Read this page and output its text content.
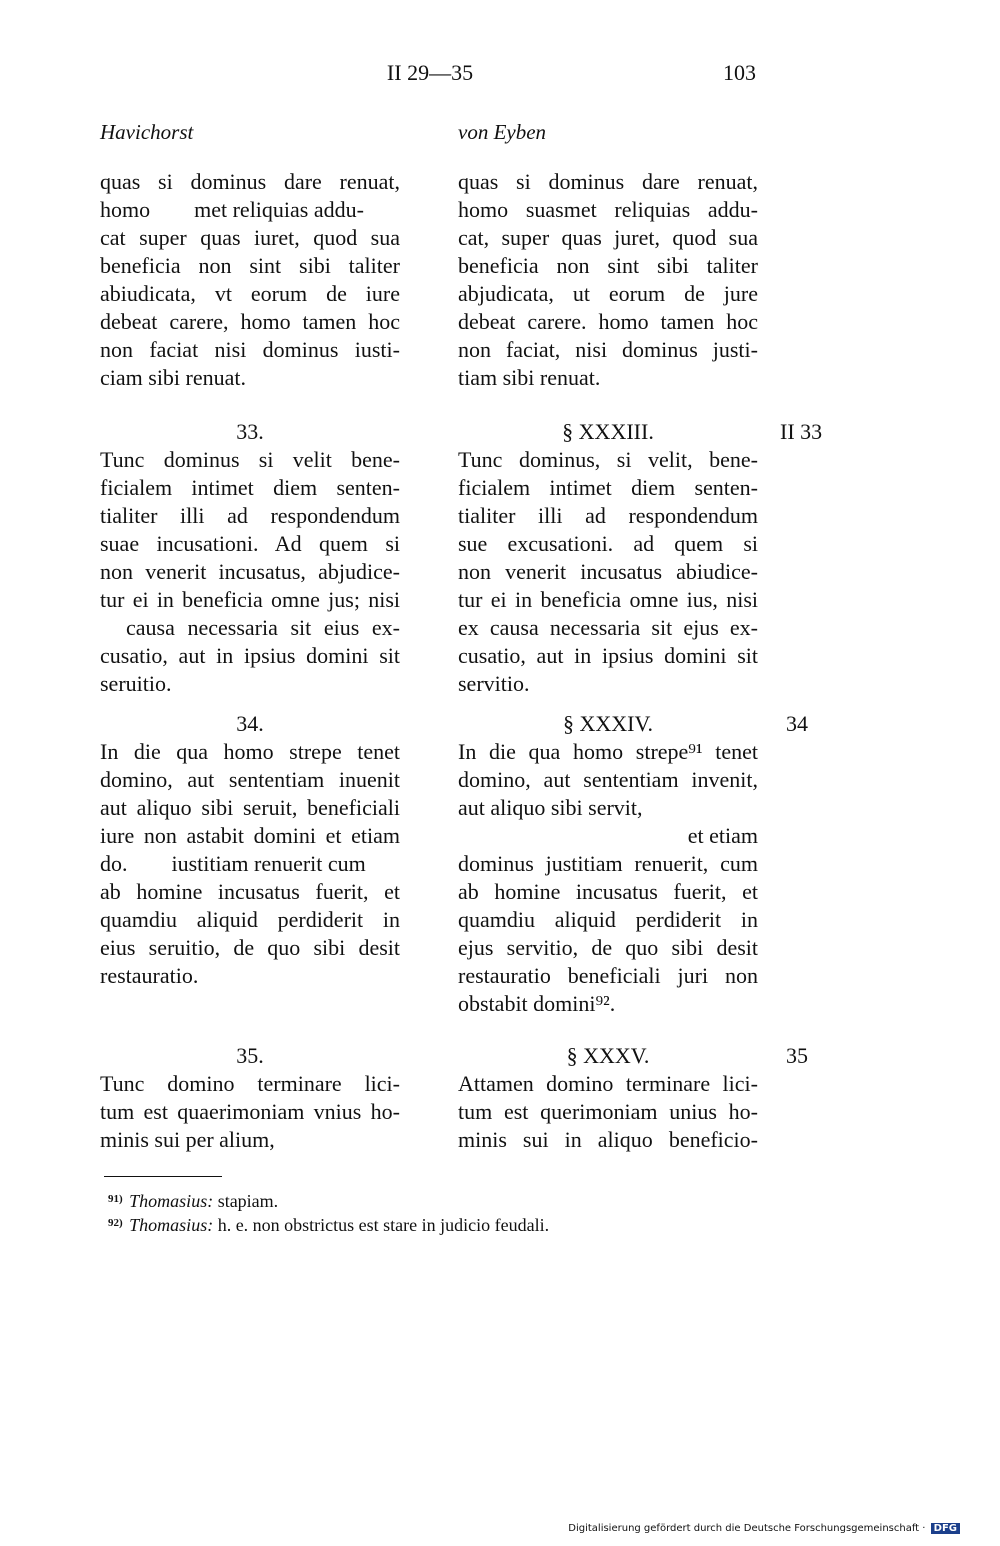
II 29—35	103
Havichorst	von Eyben
quas si dominus dare renuat,
homo        met reliquias addu-
cat super quas iuret, quod sua
beneficia non sint sibi taliter
abiudicata, vt eorum de iure
debeat carere, homo tamen hoc
non faciat nisi dominus iusti-
ciam sibi renuat.
33.
Tunc dominus si velit bene-
ficialem intimet diem senten-
tialiter illi ad respondendum
suae incusationi. Ad quem si
non venerit incusatus, abjudice-
tur ei in beneficia omne jus; nisi
causa necessaria sit eius ex-
cusatio, aut in ipsius domini sit
seruitio.
34.
In die qua homo strepe tenet
domino, aut sententiam inuenit
aut aliquo sibi seruit, beneficiali
iure non astabit domini et etiam
do.        iustitiam renuerit cum
ab homine incusatus fuerit, et
quamdiu aliquid perdiderit in
eius seruitio, de quo sibi desit
restauratio.
35.
Tunc domino terminare lici-
tum est quaerimoniam vnius ho-
minis sui per alium,
quas si dominus dare renuat,
homo suasmet reliquias addu-
cat, super quas juret, quod sua
beneficia non sint sibi taliter
abjudicata, ut eorum de jure
debeat carere. homo tamen hoc
non faciat, nisi dominus justi-
tiam sibi renuat.
§ XXXIII.
Tunc dominus, si velit, bene-
ficialem intimet diem senten-
tialiter illi ad respondendum
sue excusationi. ad quem si
non venerit incusatus abiudice-
tur ei in beneficia omne ius, nisi
ex causa necessaria sit ejus ex-
cusatio, aut in ipsius domini sit
servitio.
§ XXXIV.
In die qua homo strepe⁹¹ tenet
domino, aut sententiam invenit,
aut aliquo sibi servit,
et etiam
dominus justitiam renuerit, cum
ab homine incusatus fuerit, et
quamdiu aliquid perdiderit in
ejus servitio, de quo sibi desit
restauratio beneficiali juri non
obstabit domini⁹².
§ XXXV.
Attamen domino terminare lici-
tum est querimoniam unius ho-
minis sui in aliquo beneficio-
II 33
34
35
$^{91)}$ Thomasius: stapiam.
$^{92)}$ Thomasius: h. e. non obstrictus est stare in judicio feudali.
Digitalisierung gefördert durch die Deutsche Forschungsgemeinschaft · DFG
